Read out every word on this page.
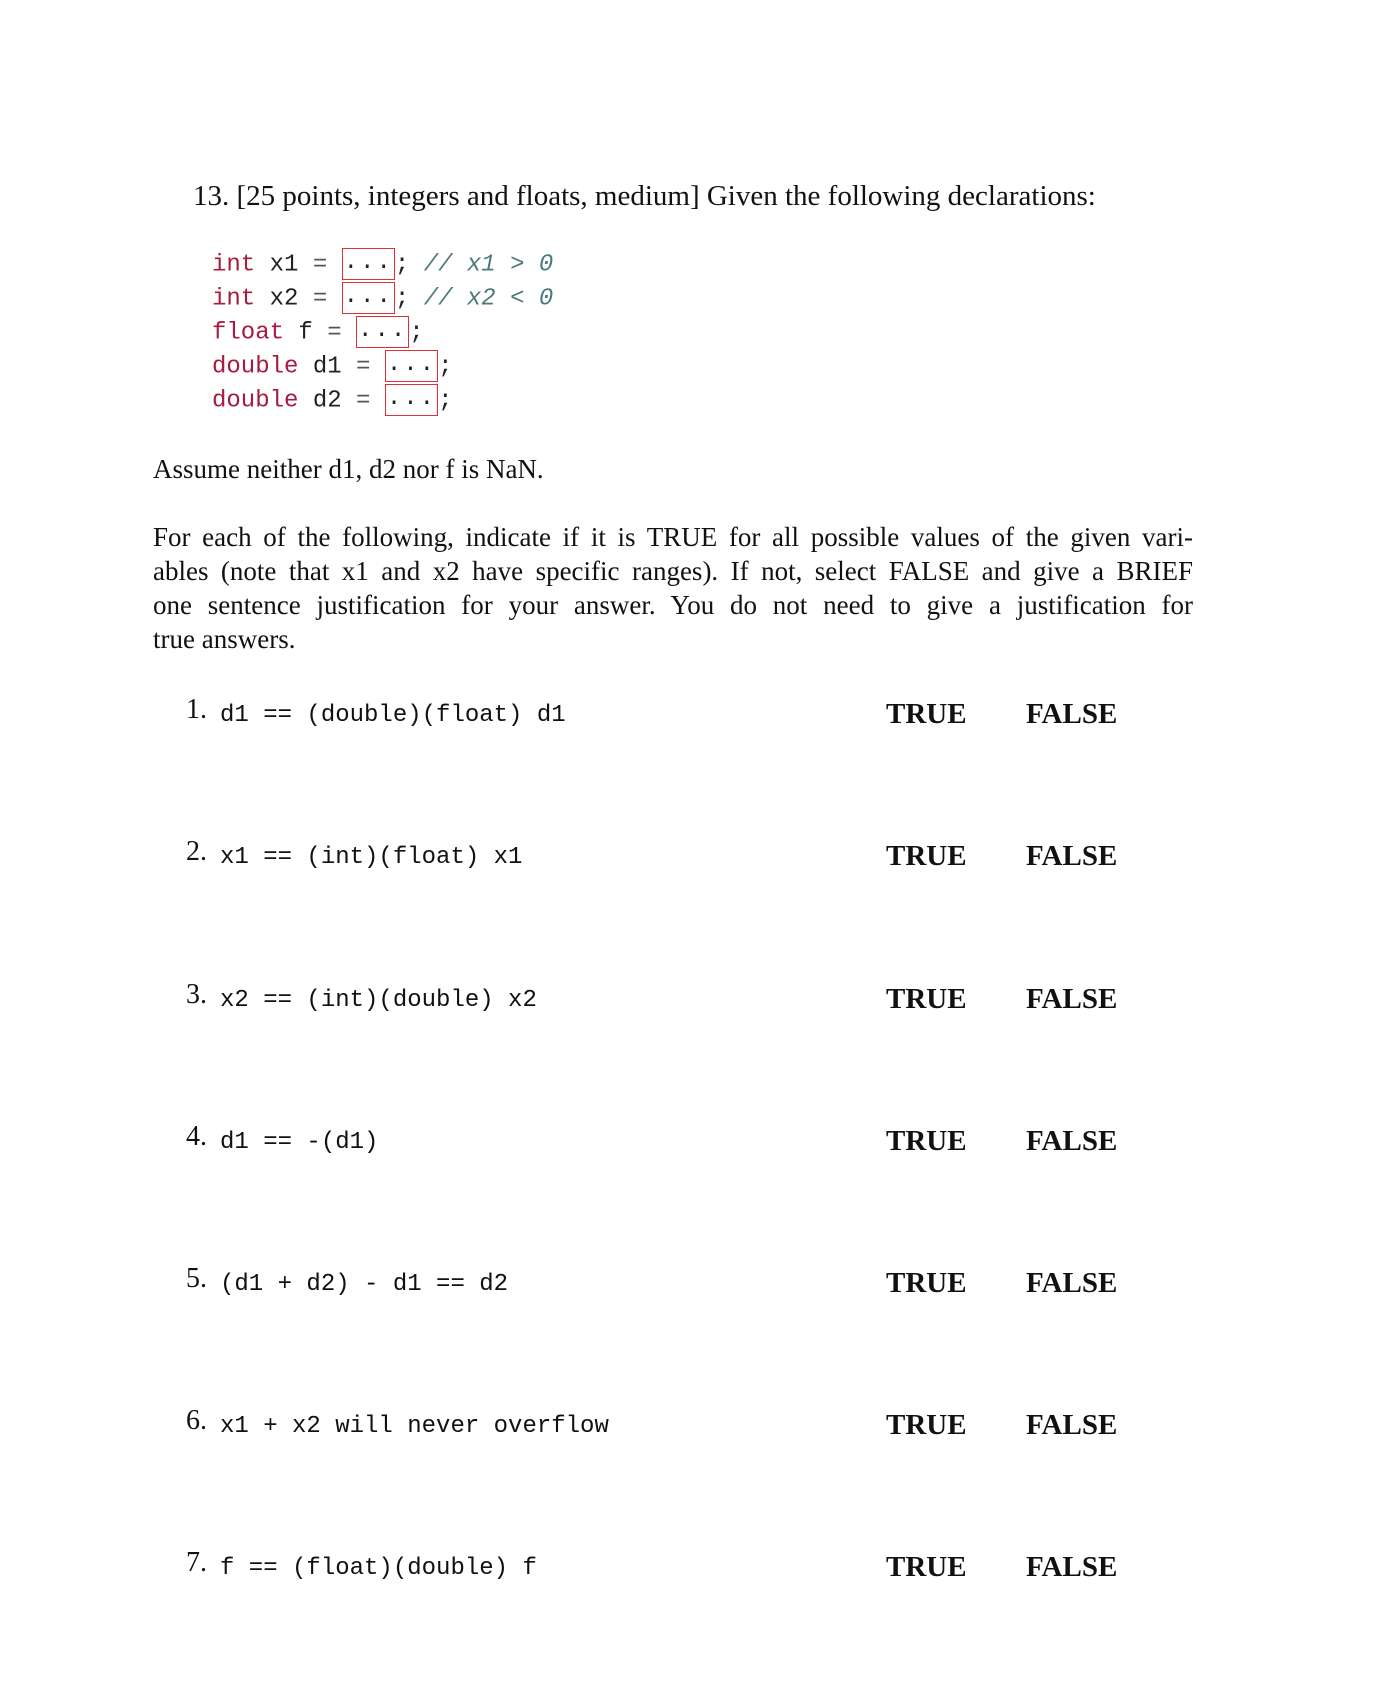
13. [25 points, integers and floats, medium] Given the following declarations:
int x1 = ...; // x1 > 0
int x2 = ...; // x2 < 0
float f = ...;
double d1 = ...;
double d2 = ...;
Assume neither d1, d2 nor f is NaN.
For each of the following, indicate if it is TRUE for all possible values of the given vari-
ables (note that x1 and x2 have specific ranges). If not, select FALSE and give a BRIEF
one sentence justification for your answer. You do not need to give a justification for
true answers.
1. d1 == (double)(float) d1	TRUE FALSE
2. x1 == (int)(float) x1	TRUE FALSE
3. x2 == (int)(double) x2	TRUE FALSE
4. d1 == -(d1)	TRUE FALSE
5. (d1 + d2) - d1 == d2	TRUE FALSE
6. x1 + x2 will never overflow	TRUE FALSE
7. f == (float)(double) f	TRUE FALSE
